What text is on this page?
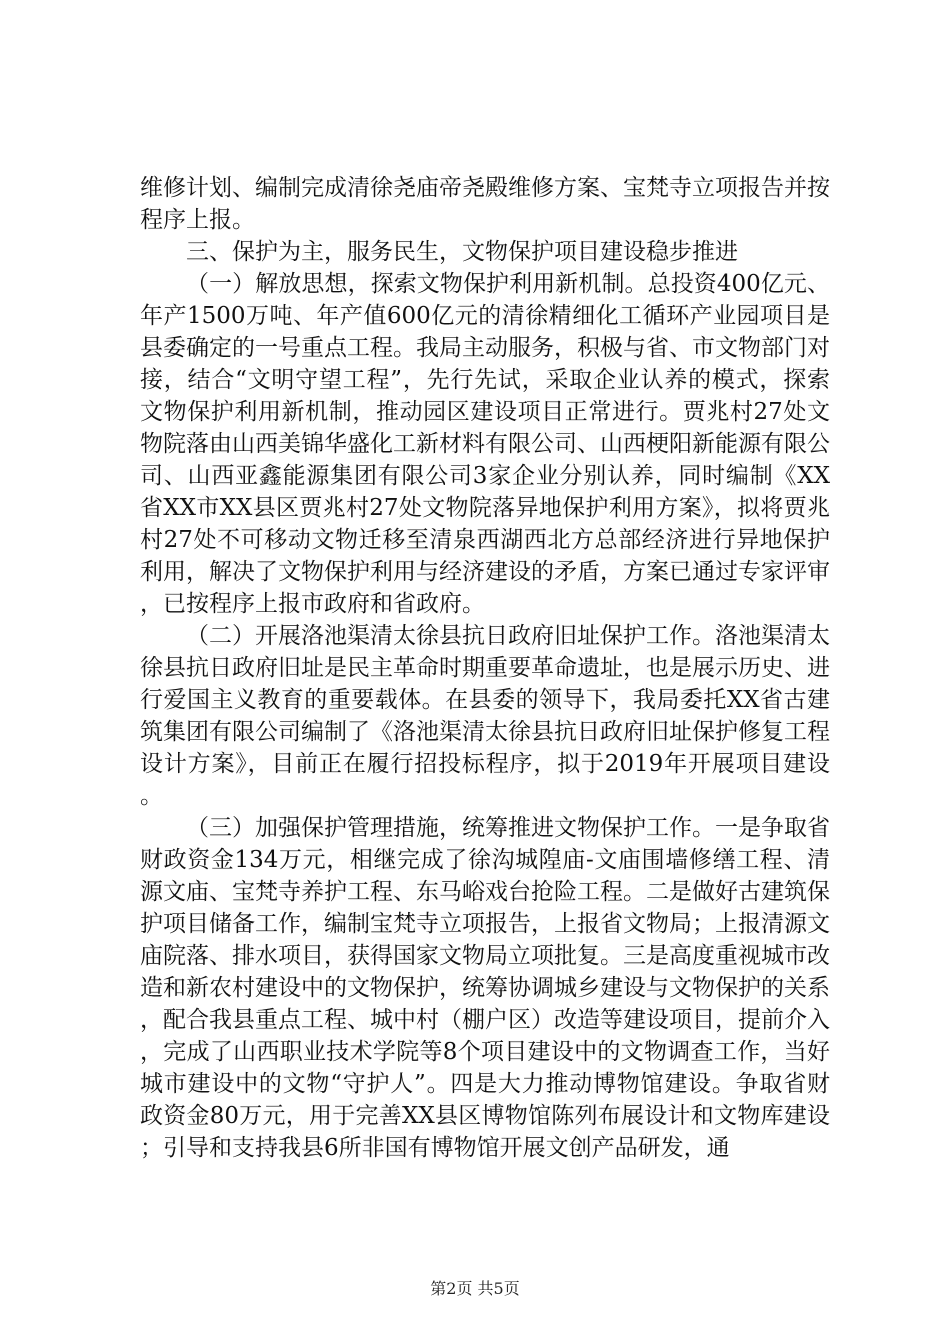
维修计划、编制完成清徐尧庙帝尧殿维修方案、宝梵寺立项报告并按程序上报。

三、保护为主，服务民生，文物保护项目建设稳步推进

（一）解放思想，探索文物保护利用新机制。总投资400亿元、年产1500万吨、年产值600亿元的清徐精细化工循环产业园项目是县委确定的一号重点工程。我局主动服务，积极与省、市文物部门对接，结合“文明守望工程”，先行先试，采取企业认养的模式，探索文物保护利用新机制，推动园区建设项目正常进行。贾兆村27处文物院落由山西美锦华盛化工新材料有限公司、山西梗阳新能源有限公司、山西亚鑫能源集团有限公司3家企业分别认养，同时编制《XX省XX市XX县区贾兆村27处文物院落异地保护利用方案》，拟将贾兆村27处不可移动文物迁移至清泉西湖西北方总部经济进行异地保护利用，解决了文物保护利用与经济建设的矛盾，方案已通过专家评审，已按程序上报市政府和省政府。

（二）开展洛池渠清太徐县抗日政府旧址保护工作。洛池渠清太徐县抗日政府旧址是民主革命时期重要革命遗址，也是展示历史、进行爱国主义教育的重要载体。在县委的领导下，我局委托XX省古建筑集团有限公司编制了《洛池渠清太徐县抗日政府旧址保护修复工程设计方案》，目前正在履行招投标程序，拟于2019年开展项目建设。

（三）加强保护管理措施，统筹推进文物保护工作。一是争取省财政资金134万元，相继完成了徐沟城隍庙-文庙围墙修缮工程、清源文庙、宝梵寺养护工程、东马峪戏台抢险工程。二是做好古建筑保护项目储备工作，编制宝梵寺立项报告，上报省文物局；上报清源文庙院落、排水项目，获得国家文物局立项批复。三是高度重视城市改造和新农村建设中的文物保护，统筹协调城乡建设与文物保护的关系，配合我县重点工程、城中村（棚户区）改造等建设项目，提前介入，完成了山西职业技术学院等8个项目建设中的文物调查工作，当好城市建设中的文物“守护人”。四是大力推动博物馆建设。争取省财政资金80万元，用于完善XX县区博物馆陈列布展设计和文物库建设；引导和支持我县6所非国有博物馆开展文创产品研发，通

第2页 共5页
